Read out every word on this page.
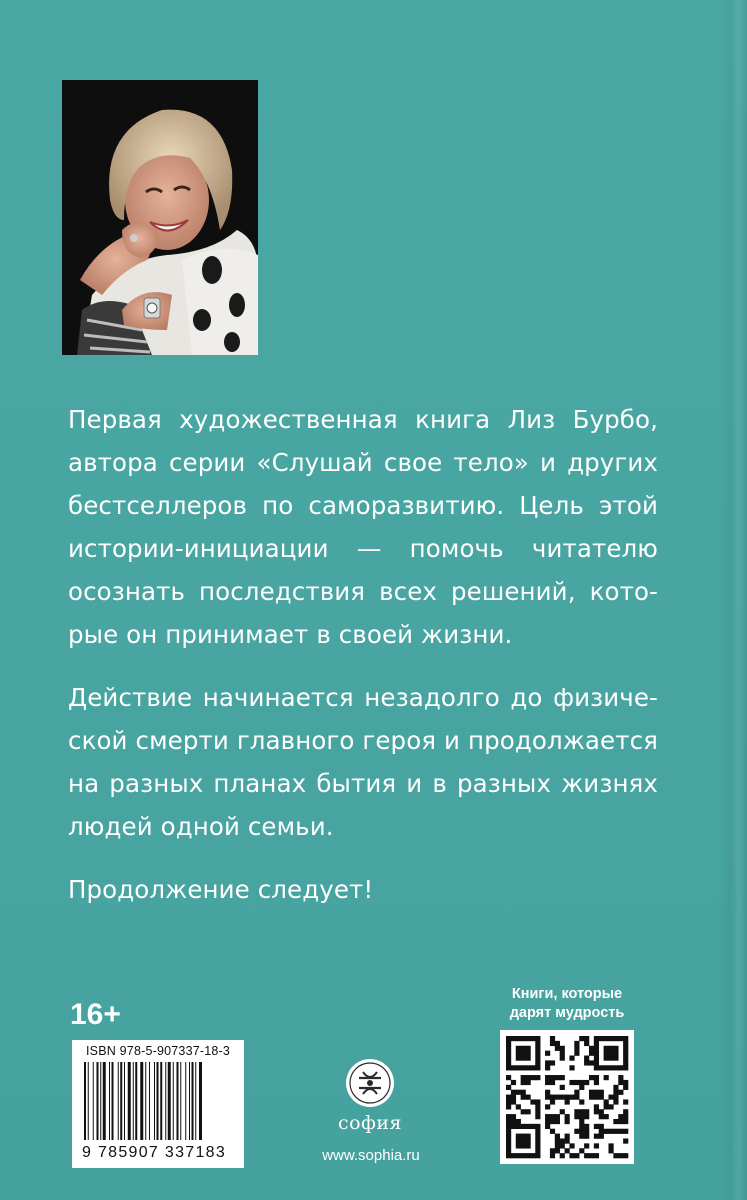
Первая художественная книга Лиз Бурбо,
автора серии «Слушай свое тело» и других
бестселлеров по саморазвитию. Цель этой
истории-инициации — помочь читателю
осознать последствия всех решений, кото-
рые он принимает в своей жизни.

Действие начинается незадолго до физиче-
ской смерти главного героя и продолжается
на разных планах бытия и в разных жизнях
людей одной семьи.

Продолжение следует!

16+
ISBN 978-5-907337-18-3
9 785907 337183
софия
www.sophia.ru
Книги, которые
дарят мудрость
